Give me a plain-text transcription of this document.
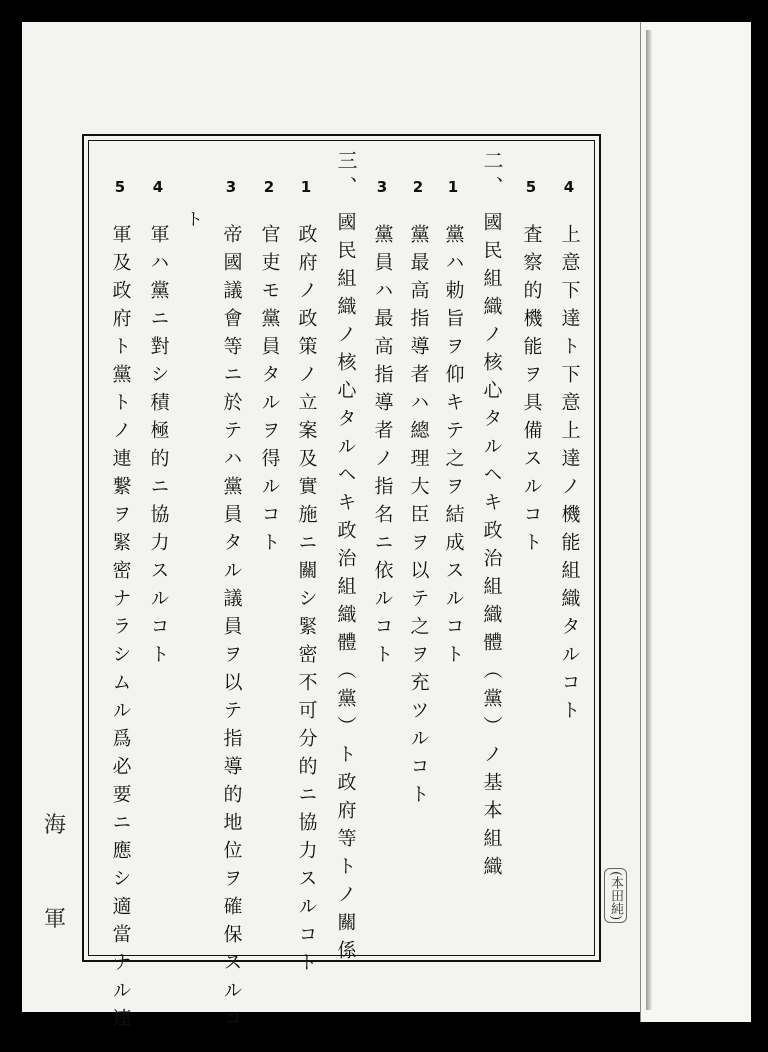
4
上意下達ト下意上達ノ機能組織タルコト
5
査察的機能ヲ具備スルコト
二、
國民組織ノ核心タルヘキ政治組織體（黨）ノ基本組織
1
黨ハ勅旨ヲ仰キテ之ヲ結成スルコト
2
黨最高指導者ハ總理大臣ヲ以テ之ヲ充ツルコト
3
黨員ハ最高指導者ノ指名ニ依ルコト
三、
國民組織ノ核心タルヘキ政治組織體（黨）ト政府等トノ關係
1
政府ノ政策ノ立案及實施ニ關シ緊密不可分的ニ協力スルコト
2
官吏モ黨員タルヲ得ルコト
3
帝國議會等ニ於テハ黨員タル議員ヲ以テ指導的地位ヲ確保スルコ
ト
4
軍ハ黨ニ對シ積極的ニ協力スルコト
5
軍及政府ト黨トノ連繋ヲ緊密ナラシムル爲必要ニ應シ適當ナル連
海
軍	(本田純)
